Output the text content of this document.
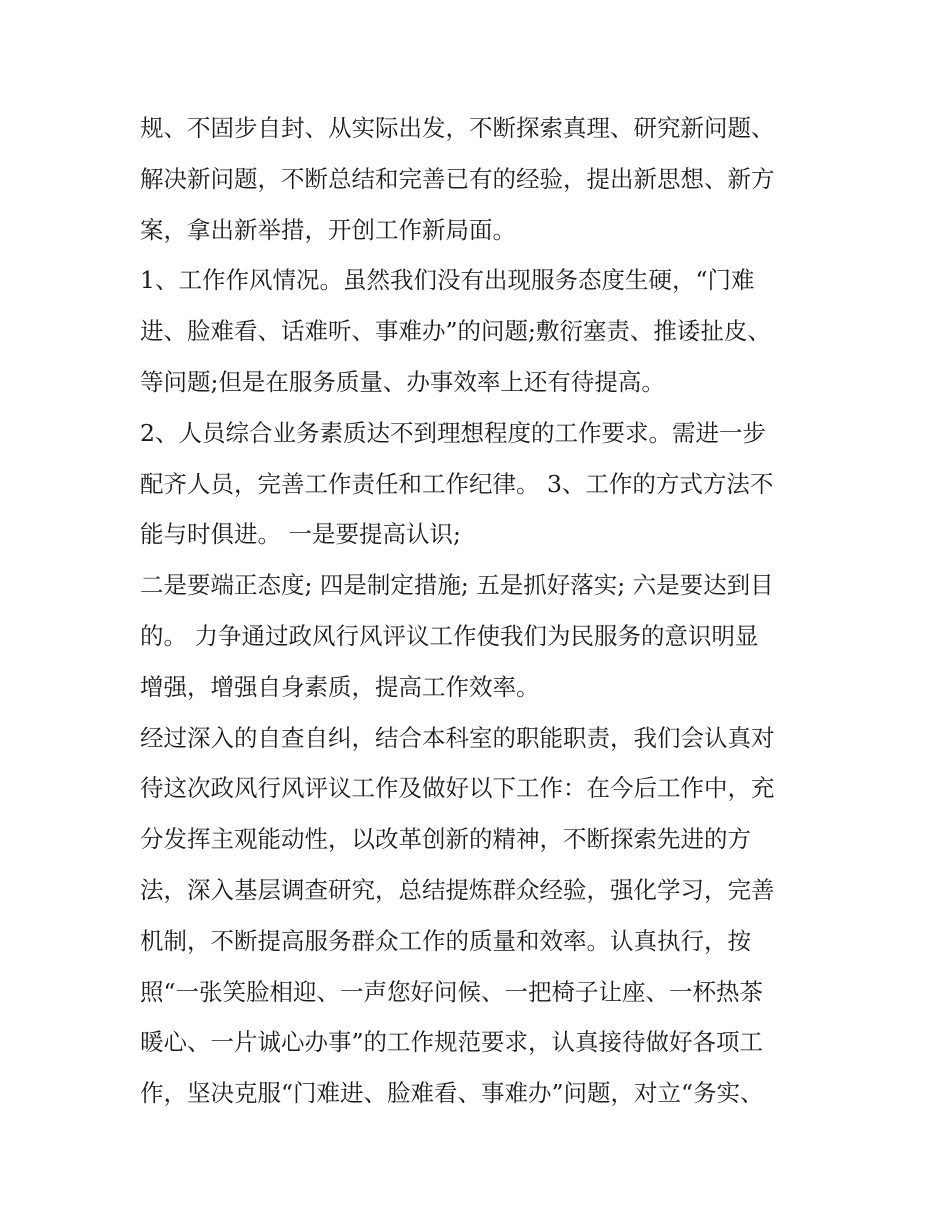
规、不固步自封、从实际出发，不断探索真理、研究新问题、
解决新问题，不断总结和完善已有的经验，提出新思想、新方
案，拿出新举措，开创工作新局面。
1、工作作风情况。虽然我们没有出现服务态度生硬，“门难
进、脸难看、话难听、事难办”的问题;敷衍塞责、推诿扯皮、
等问题;但是在服务质量、办事效率上还有待提高。
2、人员综合业务素质达不到理想程度的工作要求。需进一步
配齐人员，完善工作责任和工作纪律。 3、工作的方式方法不
能与时俱进。 一是要提高认识;
二是要端正态度; 四是制定措施; 五是抓好落实; 六是要达到目
的。 力争通过政风行风评议工作使我们为民服务的意识明显
增强，增强自身素质，提高工作效率。
经过深入的自查自纠，结合本科室的职能职责，我们会认真对
待这次政风行风评议工作及做好以下工作：在今后工作中，充
分发挥主观能动性，以改革创新的精神，不断探索先进的方
法，深入基层调查研究，总结提炼群众经验，强化学习，完善
机制，不断提高服务群众工作的质量和效率。认真执行，按
照“一张笑脸相迎、一声您好问候、一把椅子让座、一杯热茶
暖心、一片诚心办事”的工作规范要求，认真接待做好各项工
作，坚决克服“门难进、脸难看、事难办”问题，对立“务实、
